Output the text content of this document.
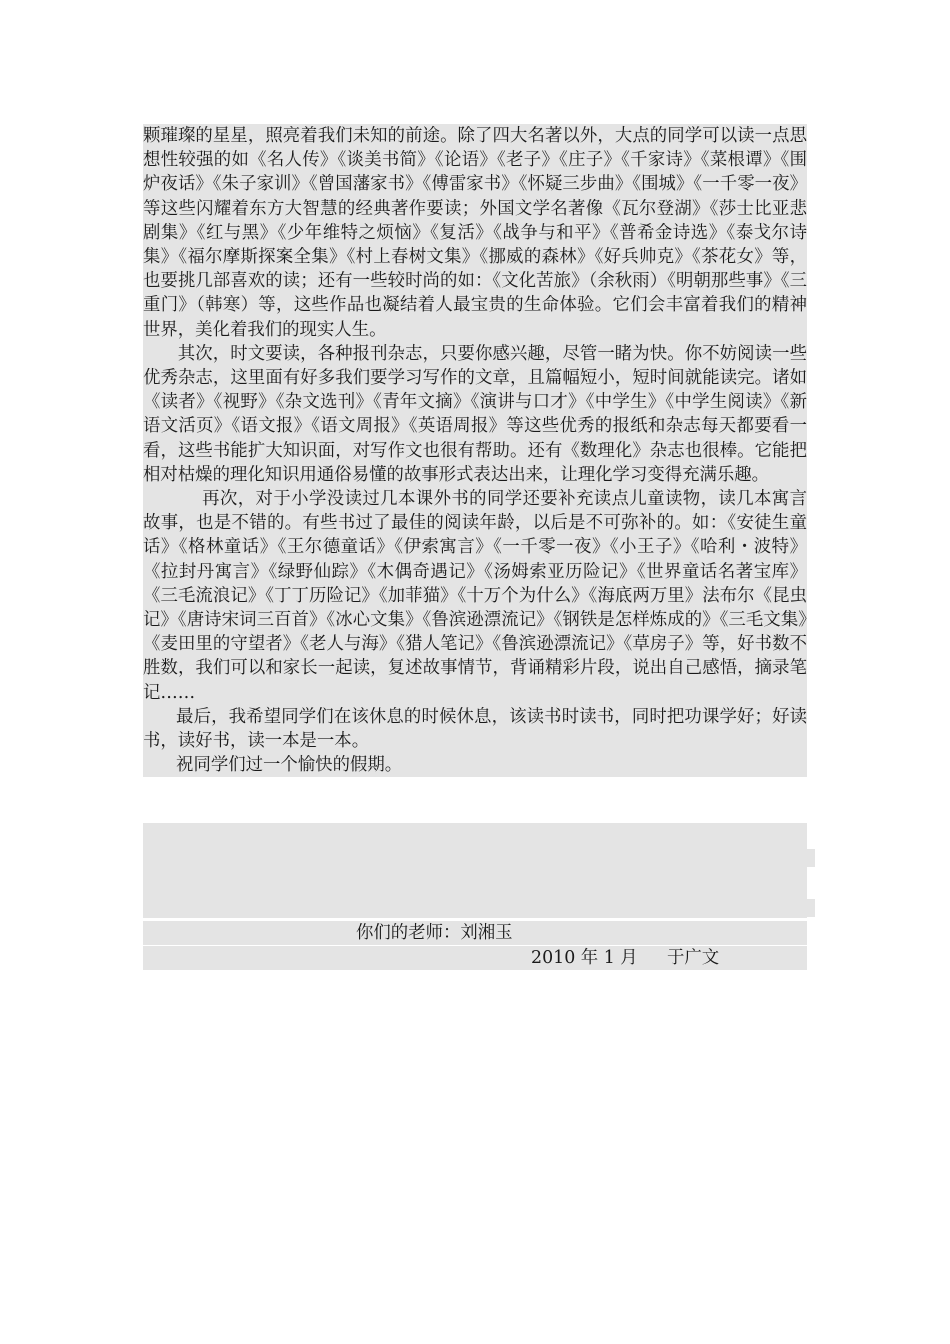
颗璀璨的星星，照亮着我们未知的前途。除了四大名著以外，大点的同学可以读一点思想性较强的如《名人传》《谈美书简》《论语》《老子》《庄子》《千家诗》《菜根谭》《围炉夜话》《朱子家训》《曾国藩家书》《傅雷家书》《怀疑三步曲》《围城》《一千零一夜》等这些闪耀着东方大智慧的经典著作要读；外国文学名著像《瓦尔登湖》《莎士比亚悲剧集》《红与黑》《少年维特之烦恼》《复活》《战争与和平》《普希金诗选》《泰戈尔诗集》《福尔摩斯探案全集》《村上春树文集》《挪威的森林》《好兵帅克》《茶花女》等，也要挑几部喜欢的读；还有一些较时尚的如：《文化苦旅》（余秋雨）《明朝那些事》《三重门》（韩寒）等，这些作品也凝结着人最宝贵的生命体验。它们会丰富着我们的精神世界，美化着我们的现实人生。

其次，时文要读，各种报刊杂志，只要你感兴趣，尽管一睹为快。你不妨阅读一些优秀杂志，这里面有好多我们要学习写作的文章，且篇幅短小，短时间就能读完。诸如《读者》《视野》《杂文选刊》《青年文摘》《演讲与口才》《中学生》《中学生阅读》《新语文活页》《语文报》《语文周报》《英语周报》等这些优秀的报纸和杂志每天都要看一看，这些书能扩大知识面，对写作文也很有帮助。还有《数理化》杂志也很棒。它能把相对枯燥的理化知识用通俗易懂的故事形式表达出来，让理化学习变得充满乐趣。

再次，对于小学没读过几本课外书的同学还要补充读点儿童读物，读几本寓言故事，也是不错的。有些书过了最佳的阅读年龄，以后是不可弥补的。如：《安徒生童话》《格林童话》《王尔德童话》《伊索寓言》《一千零一夜》《小王子》《哈利・波特》《拉封丹寓言》《绿野仙踪》《木偶奇遇记》《汤姆索亚历险记》《世界童话名著宝库》《三毛流浪记》《丁丁历险记》《加菲猫》《十万个为什么》《海底两万里》法布尔《昆虫记》《唐诗宋词三百首》《冰心文集》《鲁滨逊漂流记》《钢铁是怎样炼成的》《三毛文集》《麦田里的守望者》《老人与海》《猎人笔记》《鲁滨逊漂流记》《草房子》等，好书数不胜数，我们可以和家长一起读，复述故事情节，背诵精彩片段，说出自己感悟，摘录笔记……

最后，我希望同学们在该休息的时候休息，该读书时读书，同时把功课学好；好读书，读好书，读一本是一本。

祝同学们过一个愉快的假期。

你们的老师：刘湘玉
2010 年 1 月 于广文
